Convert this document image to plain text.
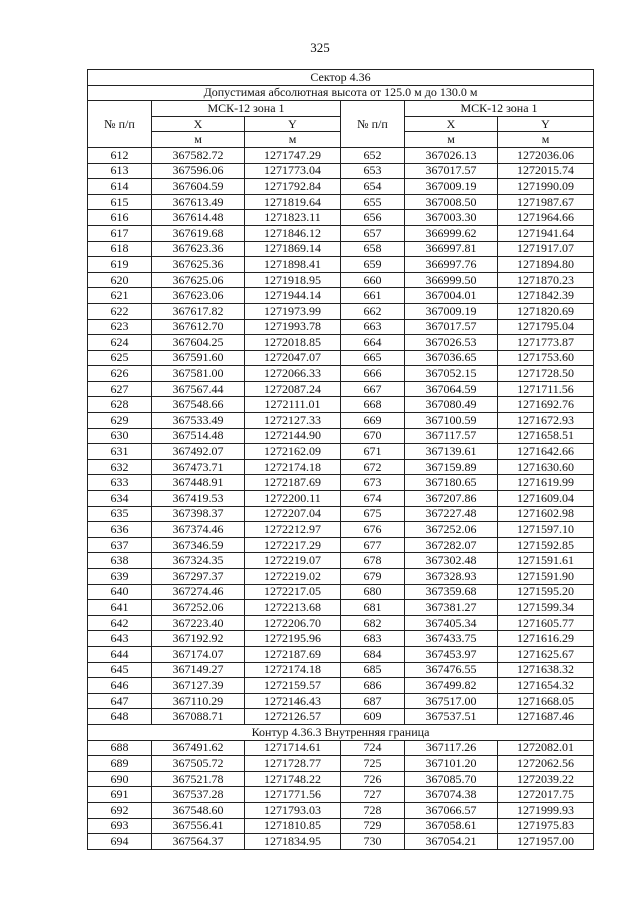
325
Сектор 4.36					
Допустимая абсолютная высота от 125.0 м до 130.0 м					
№ п/п	МСК-12 зона 1		№ п/п	МСК-12 зона 1	
	X	Y		X	Y
	м	м		м	м
612	367582.72	1271747.29	652	367026.13	1272036.06
613	367596.06	1271773.04	653	367017.57	1272015.74
614	367604.59	1271792.84	654	367009.19	1271990.09
615	367613.49	1271819.64	655	367008.50	1271987.67
616	367614.48	1271823.11	656	367003.30	1271964.66
617	367619.68	1271846.12	657	366999.62	1271941.64
618	367623.36	1271869.14	658	366997.81	1271917.07
619	367625.36	1271898.41	659	366997.76	1271894.80
620	367625.06	1271918.95	660	366999.50	1271870.23
621	367623.06	1271944.14	661	367004.01	1271842.39
622	367617.82	1271973.99	662	367009.19	1271820.69
623	367612.70	1271993.78	663	367017.57	1271795.04
624	367604.25	1272018.85	664	367026.53	1271773.87
625	367591.60	1272047.07	665	367036.65	1271753.60
626	367581.00	1272066.33	666	367052.15	1271728.50
627	367567.44	1272087.24	667	367064.59	1271711.56
628	367548.66	1272111.01	668	367080.49	1271692.76
629	367533.49	1272127.33	669	367100.59	1271672.93
630	367514.48	1272144.90	670	367117.57	1271658.51
631	367492.07	1272162.09	671	367139.61	1271642.66
632	367473.71	1272174.18	672	367159.89	1271630.60
633	367448.91	1272187.69	673	367180.65	1271619.99
634	367419.53	1272200.11	674	367207.86	1271609.04
635	367398.37	1272207.04	675	367227.48	1271602.98
636	367374.46	1272212.97	676	367252.06	1271597.10
637	367346.59	1272217.29	677	367282.07	1271592.85
638	367324.35	1272219.07	678	367302.48	1271591.61
639	367297.37	1272219.02	679	367328.93	1271591.90
640	367274.46	1272217.05	680	367359.68	1271595.20
641	367252.06	1272213.68	681	367381.27	1271599.34
642	367223.40	1272206.70	682	367405.34	1271605.77
643	367192.92	1272195.96	683	367433.75	1271616.29
644	367174.07	1272187.69	684	367453.97	1271625.67
645	367149.27	1272174.18	685	367476.55	1271638.32
646	367127.39	1272159.57	686	367499.82	1271654.32
647	367110.29	1272146.43	687	367517.00	1271668.05
648	367088.71	1272126.57	609	367537.51	1271687.46
Контур 4.36.3 Внутренняя граница					
688	367491.62	1271714.61	724	367117.26	1272082.01
689	367505.72	1271728.77	725	367101.20	1272062.56
690	367521.78	1271748.22	726	367085.70	1272039.22
691	367537.28	1271771.56	727	367074.38	1272017.75
692	367548.60	1271793.03	728	367066.57	1271999.93
693	367556.41	1271810.85	729	367058.61	1271975.83
694	367564.37	1271834.95	730	367054.21	1271957.00
